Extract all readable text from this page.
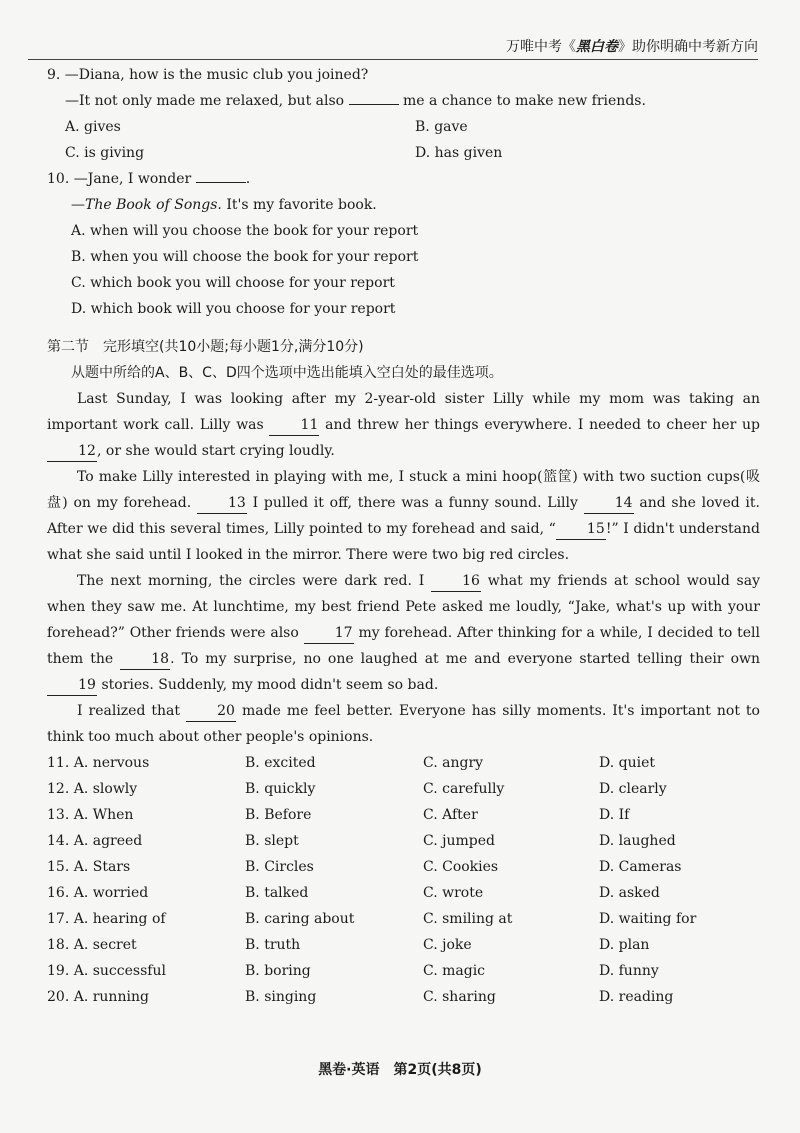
万唯中考《黑白卷》助你明确中考新方向

9. —Diana, how is the music club you joined?

—It not only made me relaxed, but also	me a chance to make new friends.

A. gives	B. gave
C. is giving	D. has given

10. —Jane, I wonder	.

—The Book of Songs. It's my favorite book.

A. when will you choose the book for your report
B. when you will choose the book for your report
C. which book you will choose for your report
D. which book will you choose for your report
第二节　完形填空(共10小题;每小题1分,满分10分)
从题中所给的A、B、C、D四个选项中选出能填入空白处的最佳选项。

Last Sunday, I was looking after my 2-year-old sister Lilly while my mom was taking an important work call. Lilly was 11 and threw her things everywhere. I needed to cheer her up 12, or she would start crying loudly.

To make Lilly interested in playing with me, I stuck a mini hoop(篮筐) with two suction cups(吸盘) on my forehead. 13 I pulled it off, there was a funny sound. Lilly 14 and she loved it. After we did this several times, Lilly pointed to my forehead and said, “ 15!” I didn't understand what she said until I looked in the mirror. There were two big red circles.

The next morning, the circles were dark red. I 16 what my friends at school would say when they saw me. At lunchtime, my best friend Pete asked me loudly, “Jake, what's up with your forehead?” Other friends were also 17 my forehead. After thinking for a while, I decided to tell them the 18. To my surprise, no one laughed at me and everyone started telling their own 19 stories. Suddenly, my mood didn't seem so bad.

I realized that 20 made me feel better. Everyone has silly moments. It's important not to think too much about other people's opinions.

11. A. nervous	B. excited	C. angry	D. quiet
12. A. slowly	B. quickly	C. carefully	D. clearly
13. A. When	B. Before	C. After	D. If
14. A. agreed	B. slept	C. jumped	D. laughed
15. A. Stars	B. Circles	C. Cookies	D. Cameras
16. A. worried	B. talked	C. wrote	D. asked
17. A. hearing of	B. caring about	C. smiling at	D. waiting for
18. A. secret	B. truth	C. joke	D. plan
19. A. successful	B. boring	C. magic	D. funny
20. A. running	B. singing	C. sharing	D. reading
黑卷·英语　第2页(共8页)
